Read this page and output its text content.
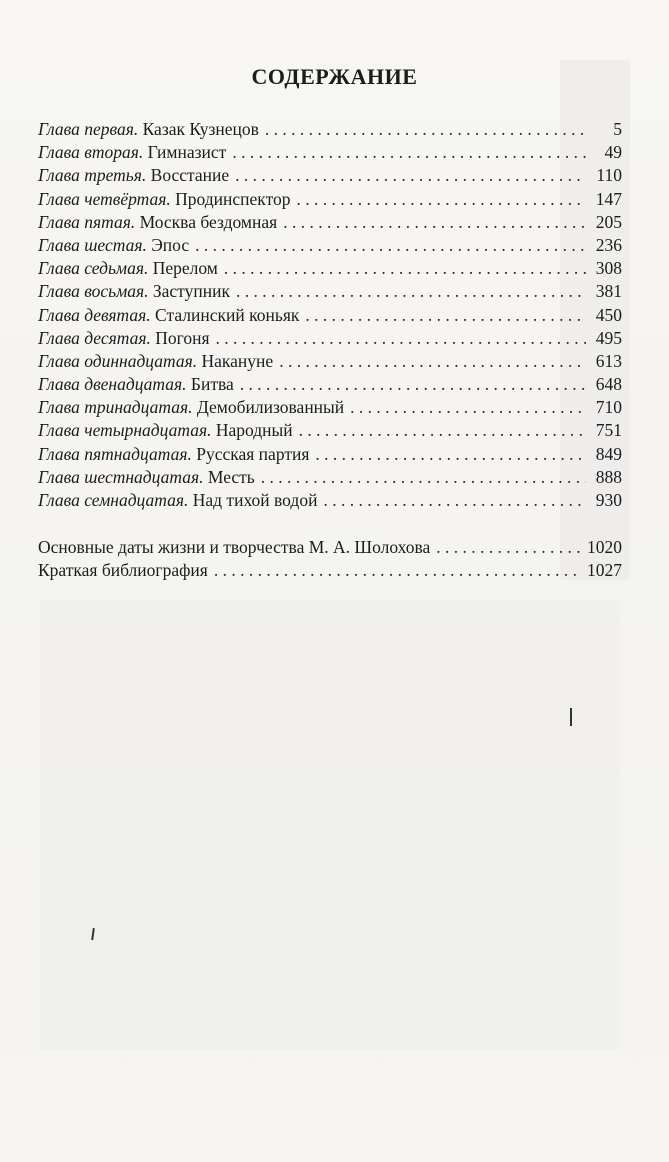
СОДЕРЖАНИЕ
Глава первая. Казак Кузнецов . . .	5
Глава вторая. Гимназист . . .	49
Глава третья. Восстание . . .	110
Глава четвёртая. Продинспектор . . .	147
Глава пятая. Москва бездомная . . .	205
Глава шестая. Эпос . . .	236
Глава седьмая. Перелом . . .	308
Глава восьмая. Заступник . . .	381
Глава девятая. Сталинский коньяк . . .	450
Глава десятая. Погоня . . .	495
Глава одиннадцатая. Накануне . . .	613
Глава двенадцатая. Битва . . .	648
Глава тринадцатая. Демобилизованный . . .	710
Глава четырнадцатая. Народный . . .	751
Глава пятнадцатая. Русская партия . . .	849
Глава шестнадцатая. Месть . . .	888
Глава семнадцатая. Над тихой водой . . .	930
Основные даты жизни и творчества М. А. Шолохова . . .	1020
Краткая библиография . . .	1027
